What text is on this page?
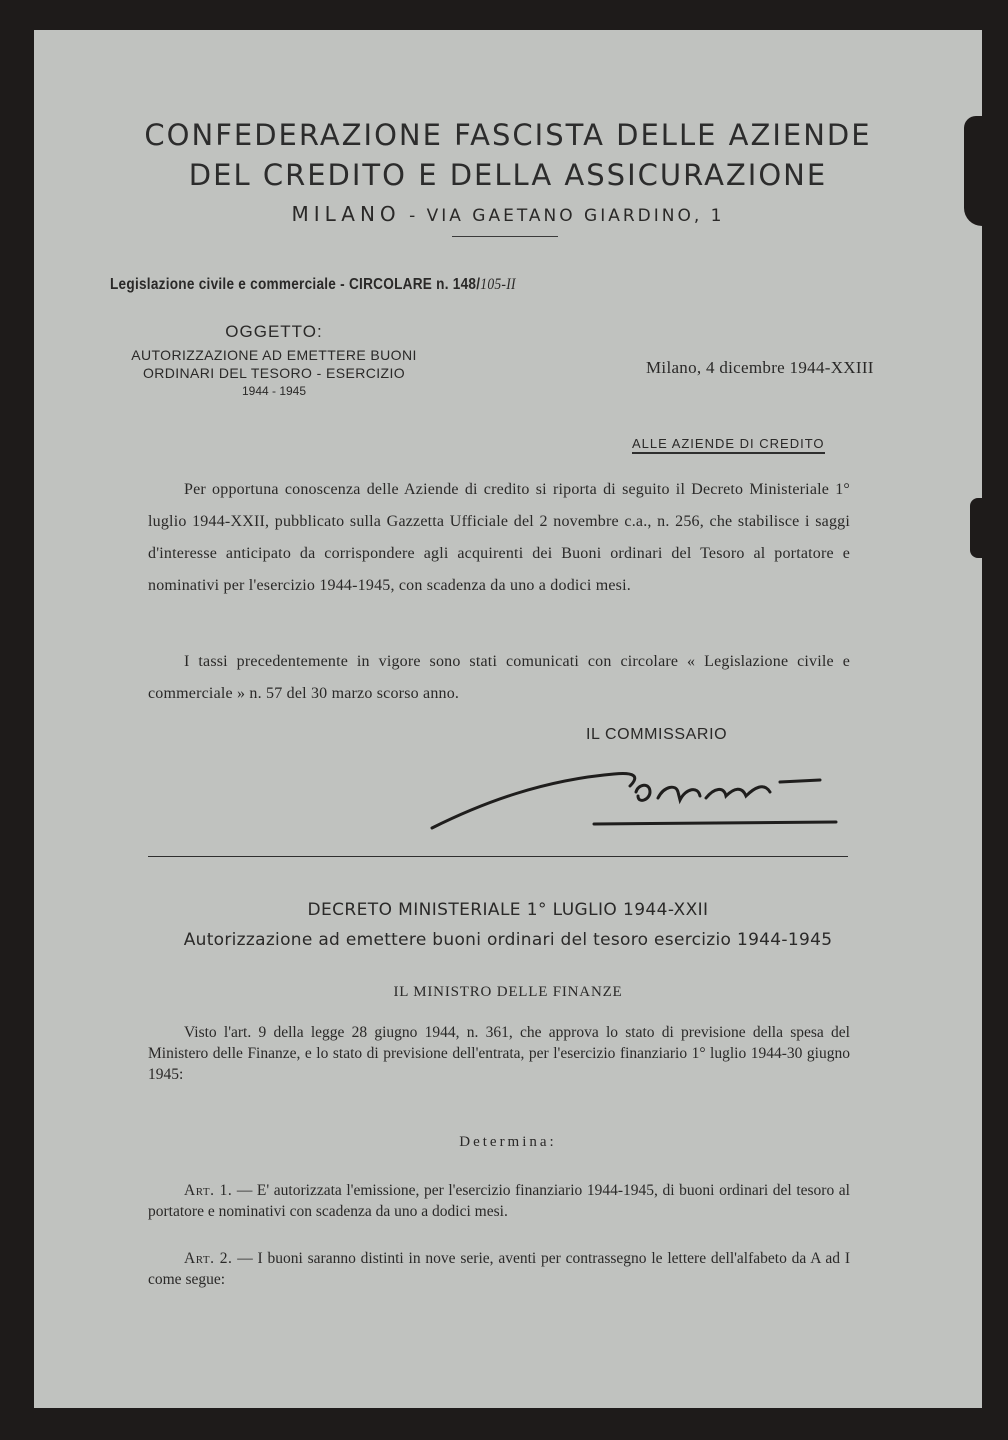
CONFEDERAZIONE FASCISTA DELLE AZIENDE
DEL CREDITO E DELLA ASSICURAZIONE
MILANO - VIA GAETANO GIARDINO, 1
Legislazione civile e commerciale - CIRCOLARE n. 148/105-II
OGGETTO:
AUTORIZZAZIONE AD EMETTERE BUONI
ORDINARI DEL TESORO - ESERCIZIO
1944 - 1945
Milano, 4 dicembre 1944-XXIII
ALLE AZIENDE DI CREDITO
Per opportuna conoscenza delle Aziende di credito si riporta di seguito il Decreto Ministeriale 1° luglio 1944-XXII, pubblicato sulla Gazzetta Ufficiale del 2 novembre c.a., n. 256, che stabilisce i saggi d'interesse anticipato da corrispondere agli acquirenti dei Buoni ordinari del Tesoro al portatore e nominativi per l'esercizio 1944-1945, con scadenza da uno a dodici mesi.
I tassi precedentemente in vigore sono stati comunicati con circolare « Legislazione civile e commerciale » n. 57 del 30 marzo scorso anno.
IL COMMISSARIO
DECRETO MINISTERIALE 1° LUGLIO 1944-XXII
Autorizzazione ad emettere buoni ordinari del tesoro esercizio 1944-1945
IL MINISTRO DELLE FINANZE
Visto l'art. 9 della legge 28 giugno 1944, n. 361, che approva lo stato di previsione della spesa del Ministero delle Finanze, e lo stato di previsione dell'entrata, per l'esercizio finanziario 1° luglio 1944-30 giugno 1945:
Determina:
Art. 1. — E' autorizzata l'emissione, per l'esercizio finanziario 1944-1945, di buoni ordinari del tesoro al portatore e nominativi con scadenza da uno a dodici mesi.
Art. 2. — I buoni saranno distinti in nove serie, aventi per contrassegno le lettere dell'alfabeto da A ad I come segue:
